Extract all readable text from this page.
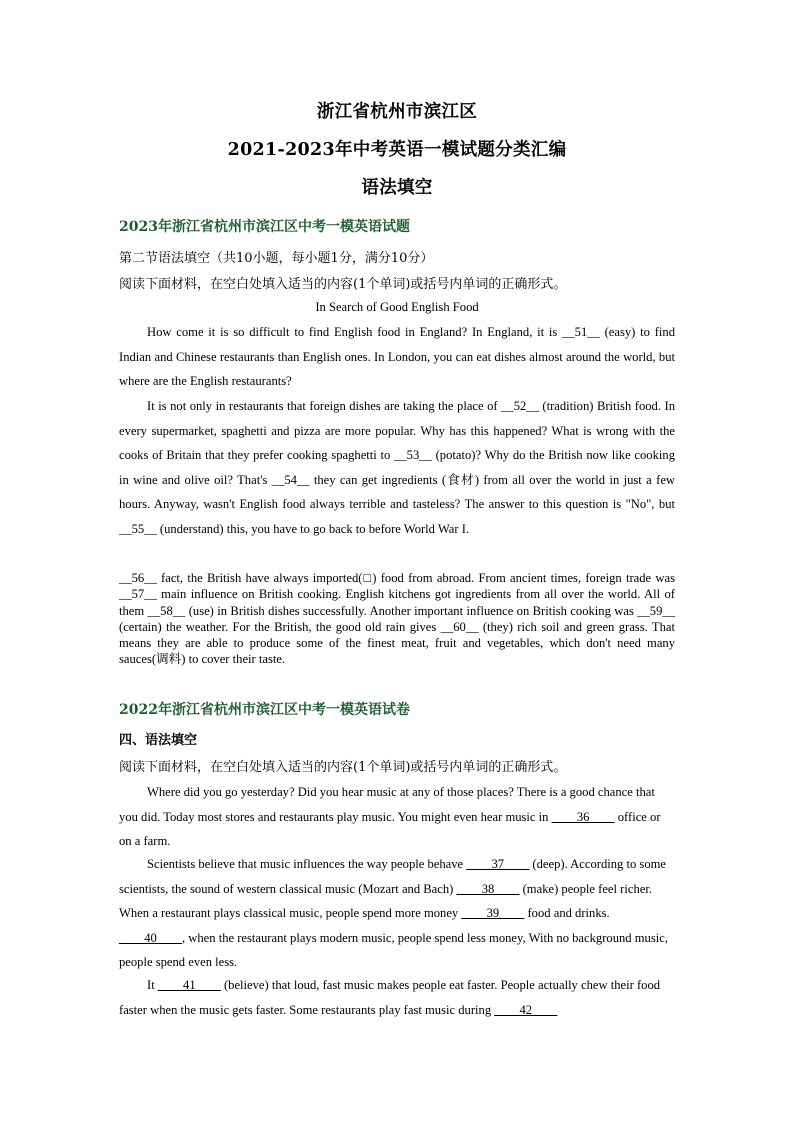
浙江省杭州市滨江区
2021-2023年中考英语一模试题分类汇编
语法填空
2023年浙江省杭州市滨江区中考一模英语试题
第二节语法填空（共10小题，每小题1分，满分10分）
阅读下面材料，在空白处填入适当的内容(1个单词)或括号内单词的正确形式。
In Search of Good English Food
How come it is so difficult to find English food in England? In England, it is __51__ (easy) to find Indian and Chinese restaurants than English ones. In London, you can eat dishes almost around the world, but where are the English restaurants?
It is not only in restaurants that foreign dishes are taking the place of __52__ (tradition) British food. In every supermarket, spaghetti and pizza are more popular. Why has this happened? What is wrong with the cooks of Britain that they prefer cooking spaghetti to __53__ (potato)? Why do the British now like cooking in wine and olive oil? That's __54__ they can get ingredients (食材) from all over the world in just a few hours. Anyway, wasn't English food always terrible and tasteless? The answer to this question is "No", but __55__ (understand) this, you have to go back to before World War I.
__56__ fact, the British have always imported(□) food from abroad. From ancient times, foreign trade was __57__ main influence on British cooking. English kitchens got ingredients from all over the world. All of them __58__ (use) in British dishes successfully. Another important influence on British cooking was __59__ (certain) the weather. For the British, the good old rain gives __60__ (they) rich soil and green grass. That means they are able to produce some of the finest meat, fruit and vegetables, which don't need many sauces(调料) to cover their taste.
2022年浙江省杭州市滨江区中考一模英语试卷
四、语法填空
阅读下面材料，在空白处填入适当的内容(1个单词)或括号内单词的正确形式。
Where did you go yesterday? Did you hear music at any of those places? There is a good chance that you did. Today most stores and restaurants play music. You might even hear music in ____36____ office or on a farm.
Scientists believe that music influences the way people behave ____37____ (deep). According to some scientists, the sound of western classical music (Mozart and Bach) ____38____ (make) people feel richer. When a restaurant plays classical music, people spend more money ____39____ food and drinks. ____40____, when the restaurant plays modern music, people spend less money, With no background music, people spend even less.
It ____41____ (believe) that loud, fast music makes people eat faster. People actually chew their food faster when the music gets faster. Some restaurants play fast music during ____42____
